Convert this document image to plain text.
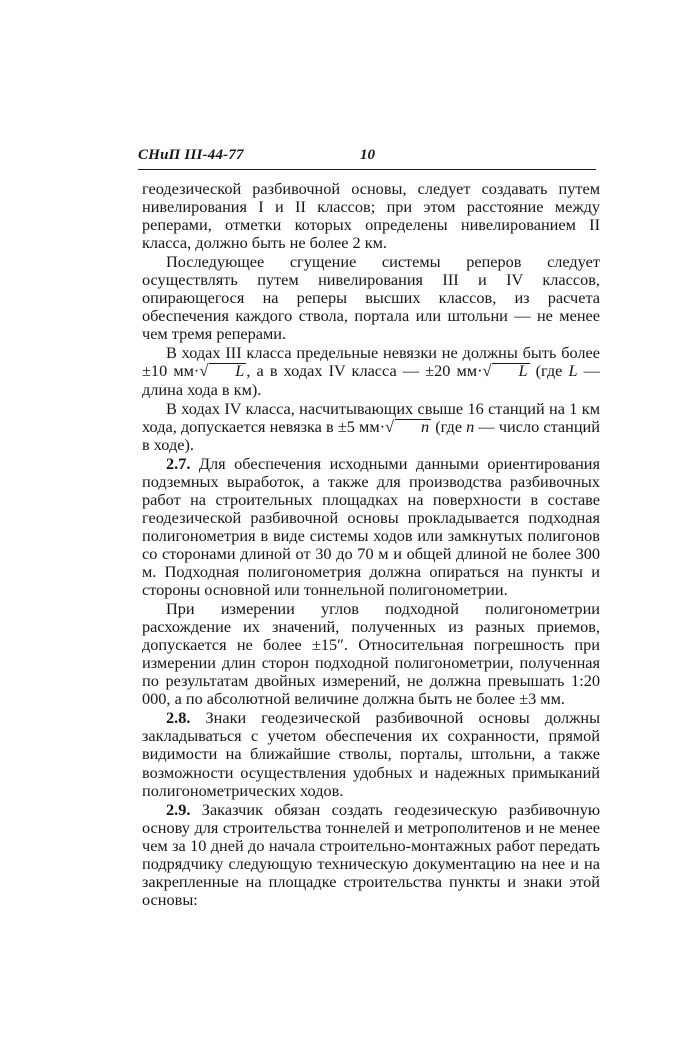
СНиП III-44-77	10

геодезической разбивочной основы, следует создавать путем нивелирования I и II классов; при этом расстояние между реперами, отметки которых определены нивелированием II класса, должно быть не более 2 км.

Последующее сгущение системы реперов следует осуществлять путем нивелирования III и IV классов, опирающегося на реперы высших классов, из расчета обеспечения каждого ствола, портала или штольни — не менее чем тремя реперами.

В ходах III класса предельные невязки не должны быть более ±10 мм·√ L , а в ходах IV класса — ±20 мм·√ L (где L — длина хода в км).

В ходах IV класса, насчитывающих свыше 16 станций на 1 км хода, допускается невязка в ±5 мм·√ n (где n — число станций в ходе).

2.7. Для обеспечения исходными данными ориентирования подземных выработок, а также для производства разбивочных работ на строительных площадках на поверхности в составе геодезической разбивочной основы прокладывается подходная полигонометрия в виде системы ходов или замкнутых полигонов со сторонами длиной от 30 до 70 м и общей длиной не более 300 м. Подходная полигонометрия должна опираться на пункты и стороны основной или тоннельной полигонометрии.

При измерении углов подходной полигонометрии расхождение их значений, полученных из разных приемов, допускается не более ±15″. Относительная погрешность при измерении длин сторон подходной полигонометрии, полученная по результатам двойных измерений, не должна превышать 1:20 000, а по абсолютной величине должна быть не более ±3 мм.

2.8. Знаки геодезической разбивочной основы должны закладываться с учетом обеспечения их сохранности, прямой видимости на ближайшие стволы, порталы, штольни, а также возможности осуществления удобных и надежных примыканий полигонометрических ходов.

2.9. Заказчик обязан создать геодезическую разбивочную основу для строительства тоннелей и метрополитенов и не менее чем за 10 дней до начала строительно-монтажных работ передать подрядчику следующую техническую документацию на нее и на закрепленные на площадке строительства пункты и знаки этой основы:
